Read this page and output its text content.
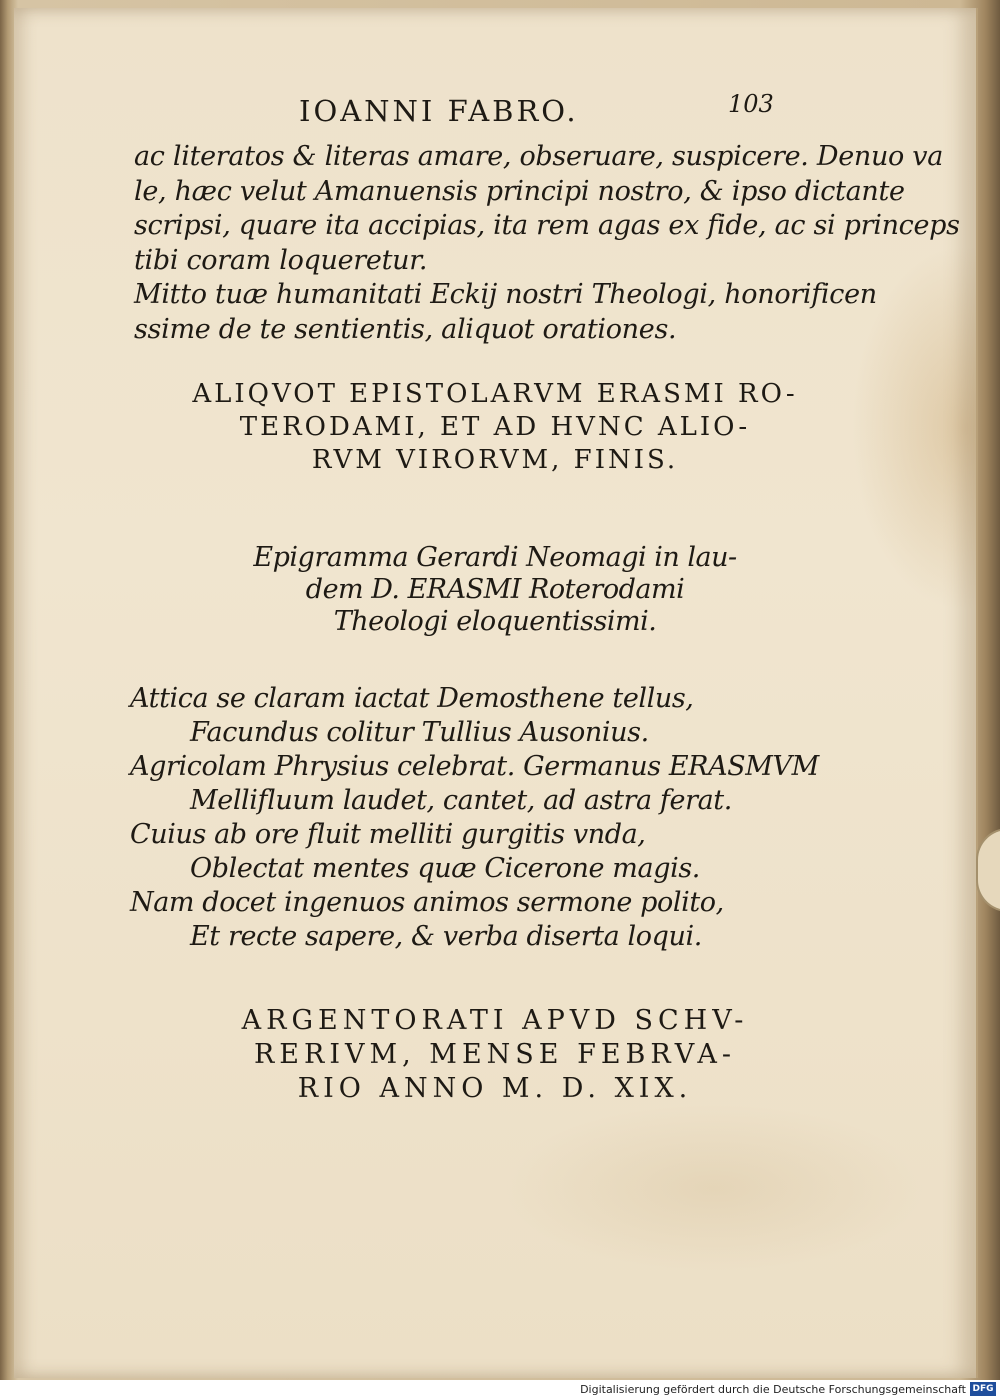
IOANNI FABRO.	103
ac literatos & literas amare, obseruare, suspicere. Denuo va
le, hæc velut Amanuensis principi nostro, & ipso dictante
scripsi, quare ita accipias, ita rem agas ex fide, ac si princeps
tibi coram loqueretur.
Mitto tuæ humanitati Eckij nostri Theologi, honorificen
ssime de te sentientis, aliquot orationes.
ALIQVOT EPISTOLARVM ERASMI RO-
TERODAMI, ET AD HVNC ALIO-
RVM VIRORVM, FINIS.
Epigramma Gerardi Neomagi in lau-
dem D. ERASMI Roterodami
Theologi eloquentissimi.
Attica se claram iactat Demosthene tellus,
Facundus colitur Tullius Ausonius.
Agricolam Phrysius celebrat. Germanus ERASMVM
Mellifluum laudet, cantet, ad astra ferat.
Cuius ab ore fluit melliti gurgitis vnda,
Oblectat mentes quæ Cicerone magis.
Nam docet ingenuos animos sermone polito,
Et recte sapere, & verba diserta loqui.
ARGENTORATI APVD SCHV-
RERIVM, MENSE FEBRVA-
RIO ANNO M. D. XIX.
Digitalisierung gefördert durch die Deutsche Forschungsgemeinschaft DFG
